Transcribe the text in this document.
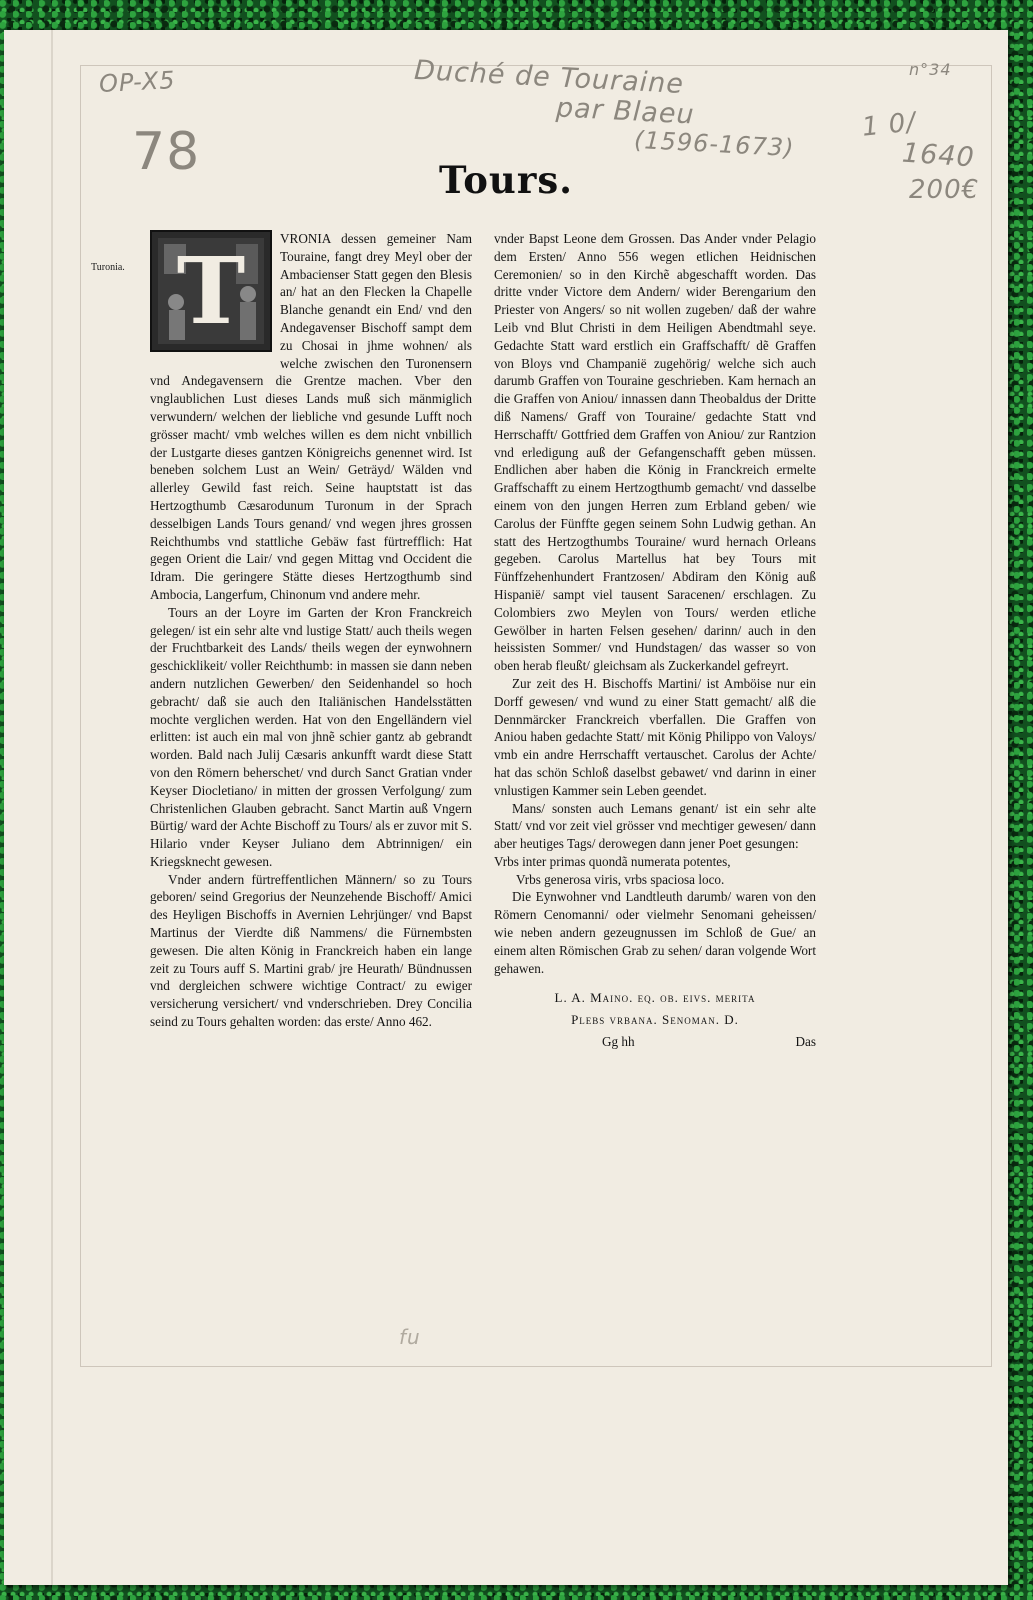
OP-X5
78
Duché de Touraine
par Blaeu
(1596-1673)
n°34
1 0/
1640
200€
Tours.
Turonia. T	VRONIA dessen gemeiner Nam Touraine, fangt drey Meyl ober der Ambacienser Statt gegen den Blesis an/ hat an den Flecken la Chapelle Blanche genandt ein End/ vnd den Andegavenser Bischoff sampt dem zu Chosai in jhme wohnen/ als welche zwischen den Turonensern vnd Andegavensern die Grentze machen. Vber den vnglaublichen Lust dieses Lands muß sich mänmiglich verwundern/ welchen der liebliche vnd gesunde Lufft noch grösser macht/ vmb welches willen es dem nicht vnbillich der Lustgarte dieses gantzen Königreichs genennet wird. Ist beneben solchem Lust an Wein/ Geträyd/ Wälden vnd allerley Gewild fast reich. Seine hauptstatt ist das Hertzogthumb Cæsarodunum Turonum in der Sprach desselbigen Lands Tours genand/ vnd wegen jhres grossen Reichthumbs vnd stattliche Gebäw fast fürtrefflich: Hat gegen Orient die Lair/ vnd gegen Mittag vnd Occident die Idram. Die geringere Stätte dieses Hertzogthumb sind Ambocia, Langerfum, Chinonum vnd andere mehr.

Tours an der Loyre im Garten der Kron Franckreich gelegen/ ist ein sehr alte vnd lustige Statt/ auch theils wegen der Fruchtbarkeit des Lands/ theils wegen der eynwohnern geschicklikeit/ voller Reichthumb: in massen sie dann neben andern nutzlichen Gewerben/ den Seidenhandel so hoch gebracht/ daß sie auch den Italiänischen Handelsstätten mochte verglichen werden. Hat von den Engelländern viel erlitten: ist auch ein mal von jhnẽ schier gantz ab gebrandt worden. Bald nach Julij Cæsaris ankunfft wardt diese Statt von den Römern beherschet/ vnd durch Sanct Gratian vnder Keyser Diocletiano/ in mitten der grossen Verfolgung/ zum Christenlichen Glauben gebracht. Sanct Martin auß Vngern Bürtig/ ward der Achte Bischoff zu Tours/ als er zuvor mit S. Hilario vnder Keyser Juliano dem Abtrinnigen/ ein Kriegsknecht gewesen.

Vnder andern fürtreffentlichen Männern/ so zu Tours geboren/ seind Gregorius der Neunzehende Bischoff/ Amici des Heyligen Bischoffs in Avernien Lehrjünger/ vnd Bapst Martinus der Vierdte diß Nammens/ die Fürnembsten gewesen. Die alten König in Franckreich haben ein lange zeit zu Tours auff S. Martini grab/ jre Heurath/ Bündnussen vnd dergleichen schwere wichtige Contract/ zu ewiger versicherung versichert/ vnd vnderschrieben. Drey Concilia seind zu Tours gehalten worden: das erste/ Anno 462.

vnder Bapst Leone dem Grossen. Das Ander vnder Pelagio dem Ersten/ Anno 556 wegen etlichen Heidnischen Ceremonien/ so in den Kirchẽ abgeschafft worden. Das dritte vnder Victore dem Andern/ wider Berengarium den Priester von Angers/ so nit wollen zugeben/ daß der wahre Leib vnd Blut Christi in dem Heiligen Abendtmahl seye. Gedachte Statt ward erstlich ein Graffschafft/ dẽ Graffen von Bloys vnd Champanië zugehörig/ welche sich auch darumb Graffen von Touraine geschrieben. Kam hernach an die Graffen von Aniou/ innassen dann Theobaldus der Dritte diß Namens/ Graff von Touraine/ gedachte Statt vnd Herrschafft/ Gottfried dem Graffen von Aniou/ zur Rantzion vnd erledigung auß der Gefangenschafft geben müssen. Endlichen aber haben die König in Franckreich ermelte Graffschafft zu einem Hertzogthumb gemacht/ vnd dasselbe einem von den jungen Herren zum Erbland geben/ wie Carolus der Fünffte gegen seinem Sohn Ludwig gethan. An statt des Hertzogthumbs Touraine/ wurd hernach Orleans gegeben. Carolus Martellus hat bey Tours mit Fünffzehenhundert Frantzosen/ Abdiram den König auß Hispanië/ sampt viel tausent Saracenen/ erschlagen. Zu Colombiers zwo Meylen von Tours/ werden etliche Gewölber in harten Felsen gesehen/ darinn/ auch in den heissisten Sommer/ vnd Hundstagen/ das wasser so von oben herab fleußt/ gleichsam als Zuckerkandel gefreyrt.

Zur zeit des H. Bischoffs Martini/ ist Amböise nur ein Dorff gewesen/ vnd wund zu einer Statt gemacht/ alß die Dennmärcker Franckreich vberfallen. Die Graffen von Aniou haben gedachte Statt/ mit König Philippo von Valoys/ vmb ein andre Herrschafft vertauschet. Carolus der Achte/ hat das schön Schloß daselbst gebawet/ vnd darinn in einer vnlustigen Kammer sein Leben geendet.

Mans/ sonsten auch Lemans genant/ ist ein sehr alte Statt/ vnd vor zeit viel grösser vnd mechtiger gewesen/ dann aber heutiges Tags/ derowegen dann jener Poet gesungen:

Vrbs inter primas quondã numerata potentes,

Vrbs generosa viris, vrbs spaciosa loco.

Die Eynwohner vnd Landtleuth darumb/ waren von den Römern Cenomanni/ oder vielmehr Senomani geheissen/ wie neben andern gezeugnussen im Schloß de Gue/ an einem alten Römischen Grab zu sehen/ daran volgende Wort gehawen.

L. A. Maino. eq. ob. eivs. merita
Plebs vrbana. Senoman. D.
Gg hh	Das
fu
